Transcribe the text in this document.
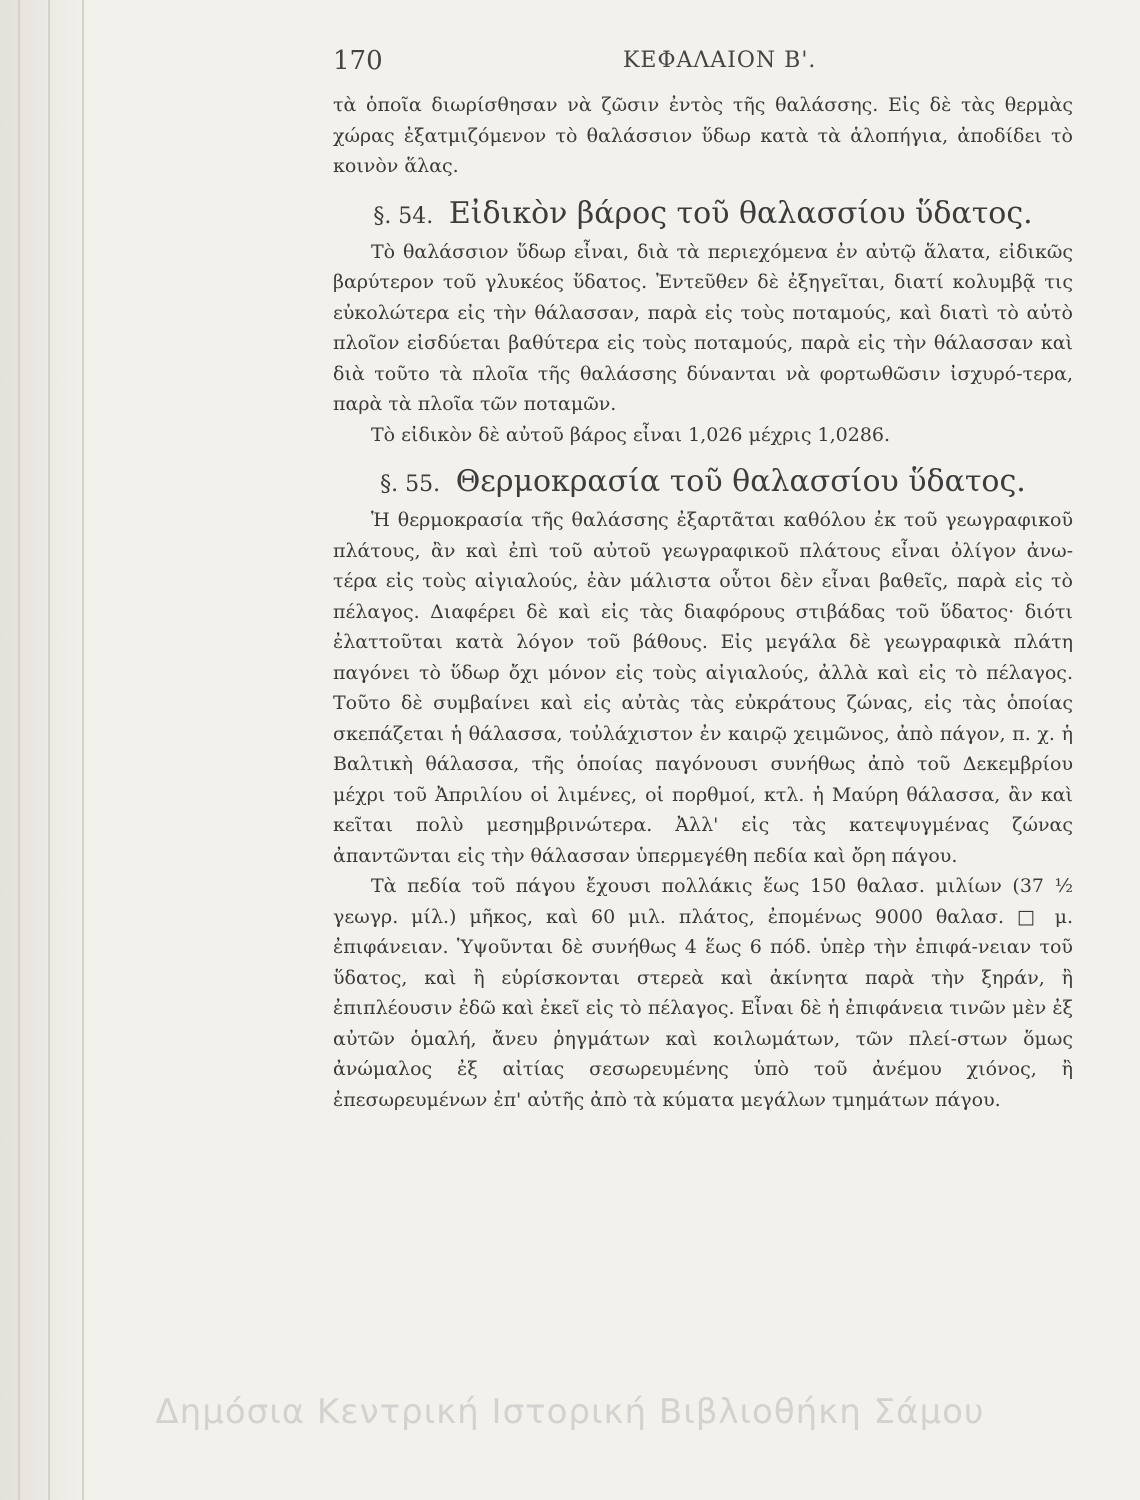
170	ΚΕΦΑΛΑΙΟΝ Β'.

τὰ ὁποῖα διωρίσθησαν νὰ ζῶσιν ἐντὸς τῆς θαλάσσης. Εἰς δὲ τὰς θερμὰς χώρας ἐξατμιζόμενον τὸ θαλάσσιον ὕδωρ κατὰ τὰ ἁλοπήγια, ἀποδίδει τὸ κοινὸν ἅλας.

§. 54. Εἰδικὸν βάρος τοῦ θαλασσίου ὕδατος.

Τὸ θαλάσσιον ὕδωρ εἶναι, διὰ τὰ περιεχόμενα ἐν αὐτῷ ἅλατα, εἰδικῶς βαρύτερον τοῦ γλυκέος ὕδατος. Ἐντεῦθεν δὲ ἐξηγεῖται, διατί κολυμβᾷ τις εὐκολώτερα εἰς τὴν θάλασσαν, παρὰ εἰς τοὺς ποταμούς, καὶ διατὶ τὸ αὐτὸ πλοῖον εἰσδύεται βαθύτερα εἰς τοὺς ποταμούς, παρὰ εἰς τὴν θάλασσαν καὶ διὰ τοῦτο τὰ πλοῖα τῆς θαλάσσης δύνανται νὰ φορτωθῶσιν ἰσχυρό-τερα, παρὰ τὰ πλοῖα τῶν ποταμῶν.

Τὸ εἰδικὸν δὲ αὐτοῦ βάρος εἶναι 1,026 μέχρις 1,0286.

§. 55. Θερμοκρασία τοῦ θαλασσίου ὕδατος.

Ἡ θερμοκρασία τῆς θαλάσσης ἐξαρτᾶται καθόλου ἐκ τοῦ γεωγραφικοῦ πλάτους, ἂν καὶ ἐπὶ τοῦ αὐτοῦ γεωγραφικοῦ πλάτους εἶναι ὀλίγον ἀνω-τέρα εἰς τοὺς αἰγιαλούς, ἐὰν μάλιστα οὗτοι δὲν εἶναι βαθεῖς, παρὰ εἰς τὸ πέλαγος. Διαφέρει δὲ καὶ εἰς τὰς διαφόρους στιβάδας τοῦ ὕδατος· διότι ἐλαττοῦται κατὰ λόγον τοῦ βάθους. Εἰς μεγάλα δὲ γεωγραφικὰ πλάτη παγόνει τὸ ὕδωρ ὄχι μόνον εἰς τοὺς αἰγιαλούς, ἀλλὰ καὶ εἰς τὸ πέλαγος. Τοῦτο δὲ συμβαίνει καὶ εἰς αὐτὰς τὰς εὐκράτους ζώνας, εἰς τὰς ὁποίας σκεπάζεται ἡ θάλασσα, τοὐλάχιστον ἐν καιρῷ χειμῶνος, ἀπὸ πάγον, π. χ. ἡ Βαλτικὴ θάλασσα, τῆς ὁποίας παγόνουσι συνήθως ἀπὸ τοῦ Δεκεμβρίου μέχρι τοῦ Ἀπριλίου οἱ λιμένες, οἱ πορθμοί, κτλ. ἡ Μαύρη θάλασσα, ἂν καὶ κεῖται πολὺ μεσημβρινώτερα. Ἀλλ' εἰς τὰς κατεψυγμένας ζώνας ἀπαντῶνται εἰς τὴν θάλασσαν ὑπερμεγέθη πεδία καὶ ὄρη πάγου.

Τὰ πεδία τοῦ πάγου ἔχουσι πολλάκις ἕως 150 θαλασ. μιλίων (37 ½ γεωγρ. μίλ.) μῆκος, καὶ 60 μιλ. πλάτος, ἐπομένως 9000 θαλασ. □ μ. ἐπιφάνειαν. Ὑψοῦνται δὲ συνήθως 4 ἕως 6 πόδ. ὑπὲρ τὴν ἐπιφά-νειαν τοῦ ὕδατος, καὶ ἢ εὑρίσκονται στερεὰ καὶ ἀκίνητα παρὰ τὴν ξηράν, ἢ ἐπιπλέουσιν ἐδῶ καὶ ἐκεῖ εἰς τὸ πέλαγος. Εἶναι δὲ ἡ ἐπιφάνεια τινῶν μὲν ἐξ αὐτῶν ὁμαλή, ἄνευ ῥηγμάτων καὶ κοιλωμάτων, τῶν πλεί-στων ὅμως ἀνώμαλος ἐξ αἰτίας σεσωρευμένης ὑπὸ τοῦ ἀνέμου χιόνος, ἢ ἐπεσωρευμένων ἐπ' αὐτῆς ἀπὸ τὰ κύματα μεγάλων τμημάτων πάγου.

Δημόσια Κεντρική Ιστορική Βιβλιοθήκη Σάμου
